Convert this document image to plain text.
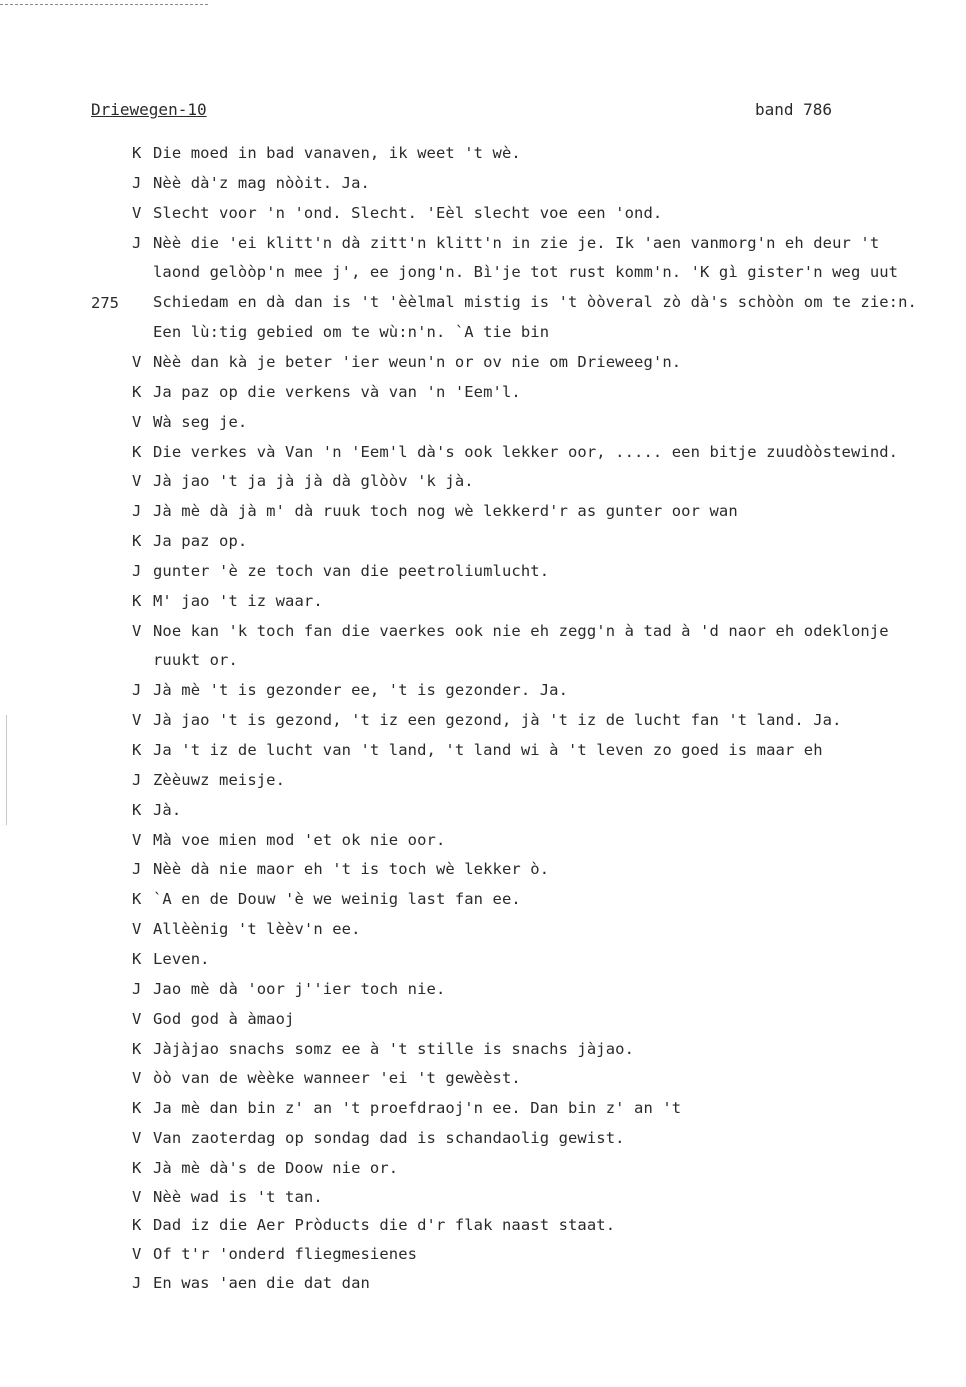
Driewegen-10	band 786
275
K Die moed in bad vanaven, ik weet 't wè.
J Nèè dà'z mag nòòit. Ja.
V Slecht voor 'n 'ond. Slecht. 'Eèl slecht voe een 'ond.
J Nèè die 'ei klitt'n dà zitt'n klitt'n in zie je. Ik 'aen vanmorg'n eh deur 't
laond gelòòp'n mee j', ee jong'n. Bì'je tot rust komm'n. 'K gì gister'n weg uut
Schiedam en dà dan is 't 'èèlmal mistig is 't òòveral zò dà's schòòn om te zie:n.
Een lù:tig gebied om te wù:n'n. `A tie bin
V Nèè dan kà je beter 'ier weun'n or ov nie om Drieweeg'n.
K Ja paz op die verkens và van 'n 'Eem'l.
V Wà seg je.
K Die verkes và Van 'n 'Eem'l dà's ook lekker oor, ..... een bitje zuudòòstewind.
V Jà jao 't ja jà jà dà glòòv 'k jà.
J Jà mè dà jà m' dà ruuk toch nog wè lekkerd'r as gunter oor wan
K Ja paz op.
J gunter 'è ze toch van die peetroliumlucht.
K M' jao 't iz waar.
V Noe kan 'k toch fan die vaerkes ook nie eh zegg'n à tad à 'd naor eh odeklonje
ruukt or.
J Jà mè 't is gezonder ee, 't is gezonder. Ja.
V Jà jao 't is gezond, 't iz een gezond, jà 't iz de lucht fan 't land. Ja.
K Ja 't iz de lucht van 't land, 't land wi à 't leven zo goed is maar eh
J Zèèuwz meisje.
K Jà.
V Mà voe mien mod 'et ok nie oor.
J Nèè dà nie maor eh 't is toch wè lekker ò.
K `A en de Douw 'è we weinig last fan ee.
V Allèènig 't lèèv'n ee.
K Leven.
J Jao mè dà 'oor j''ier toch nie.
V God god à àmaoj
K Jàjàjao snachs somz ee à 't stille is snachs jàjao.
V òò van de wèèke wanneer 'ei 't gewèèst.
K Ja mè dan bin z' an 't proefdraoj'n ee. Dan bin z' an 't
V Van zaoterdag op sondag dad is schandaolig gewist.
K Jà mè dà's de Doow nie or.
V Nèè wad is 't tan.
K Dad iz die Aer Pròducts die d'r flak naast staat.
V Of t'r 'onderd fliegmesienes
J En was 'aen die dat dan
